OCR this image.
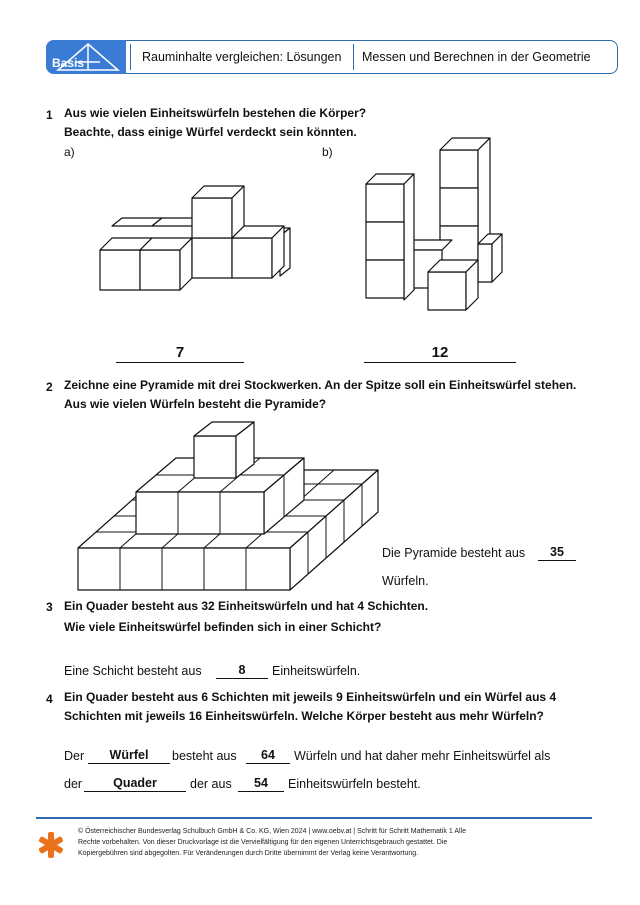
Basis	Rauminhalte vergleichen: Lösungen Messen und Berechnen in der Geometrie
1 Aus wie vielen Einheitswürfeln bestehen die Körper?
Beachte, dass einige Würfel verdeckt sein könnten.
a)	b)
7	12
2 Zeichne eine Pyramide mit drei Stockwerken. An der Spitze soll ein Einheitswürfel stehen.
Aus wie vielen Würfeln besteht die Pyramide?
Die Pyramide besteht aus	35
Würfeln.
3 Ein Quader besteht aus 32 Einheitswürfeln und hat 4 Schichten.
Wie viele Einheitswürfel befinden sich in einer Schicht?
Eine Schicht besteht aus	8	Einheitswürfeln.
4 Ein Quader besteht aus 6 Schichten mit jeweils 9 Einheitswürfeln und ein Würfel aus 4
Schichten mit jeweils 16 Einheitswürfeln. Welche Körper besteht aus mehr Würfeln?
Der	Würfel	besteht aus	64	Würfeln und hat daher mehr Einheitswürfel als
der	Quader	der aus	54	Einheitswürfeln besteht.
© Österreichischer Bundesverlag Schulbuch GmbH & Co. KG, Wien 2024 | www.oebv.at | Schritt für Schritt Mathematik 1 Alle
Rechte vorbehalten. Von dieser Druckvorlage ist die Vervielfältigung für den eigenen Unterrichtsgebrauch gestattet. Die
Kopiergebühren sind abgegolten. Für Veränderungen durch Dritte übernimmt der Verlag keine Verantwortung.
